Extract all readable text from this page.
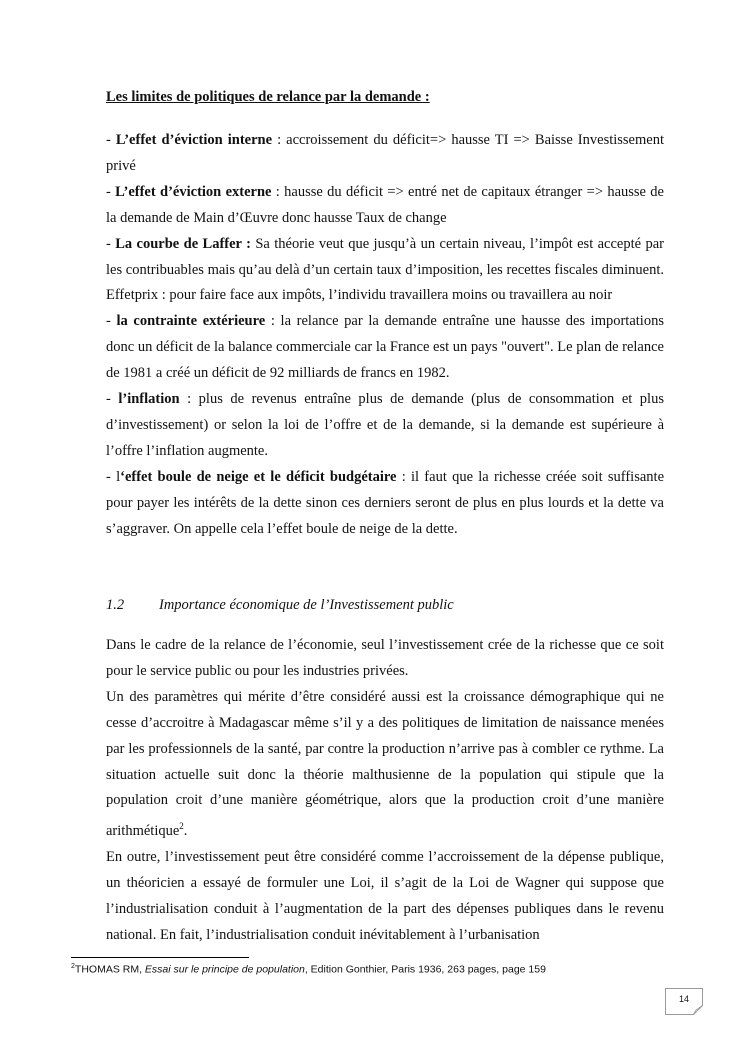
Les limites de politiques de relance par la demande :

- L’effet d’éviction interne : accroissement du déficit=> hausse TI => Baisse Investissement privé

- L’effet d’éviction externe : hausse du déficit => entré net de capitaux étranger => hausse de la demande de Main d’Œuvre donc hausse Taux de change

- La courbe de Laffer : Sa théorie veut que jusqu’à un certain niveau, l’impôt est accepté par les contribuables mais qu’au delà d’un certain taux d’imposition, les recettes fiscales diminuent. Effetprix : pour faire face aux impôts, l’individu travaillera moins ou travaillera au noir

- la contrainte extérieure : la relance par la demande entraîne une hausse des importations donc un déficit de la balance commerciale car la France est un pays "ouvert". Le plan de relance de 1981 a créé un déficit de 92 milliards de francs en 1982.

- l’inflation : plus de revenus entraîne plus de demande (plus de consommation et plus d’investissement) or selon la loi de l’offre et de la demande, si la demande est supérieure à l’offre l’inflation augmente.

- l‘effet boule de neige et le déficit budgétaire : il faut que la richesse créée soit suffisante pour payer les intérêts de la dette sinon ces derniers seront de plus en plus lourds et la dette va s’aggraver. On appelle cela l’effet boule de neige de la dette.

1.2 Importance économique de l’Investissement public

Dans le cadre de la relance de l’économie, seul l’investissement crée de la richesse que ce soit pour le service public ou pour les industries privées.

Un des paramètres qui mérite d’être considéré aussi est la croissance démographique qui ne cesse d’accroitre à Madagascar même s’il y a des politiques de limitation de naissance menées par les professionnels de la santé, par contre la production n’arrive pas à combler ce rythme. La situation actuelle suit donc la théorie malthusienne de la population qui stipule que la population croit d’une manière géométrique, alors que la production croit d’une manière arithmétique$^2$.

En outre, l’investissement peut être considéré comme l’accroissement de la dépense publique, un théoricien a essayé de formuler une Loi, il s’agit de la Loi de Wagner qui suppose que l’industrialisation conduit à l’augmentation de la part des dépenses publiques dans le revenu national. En fait, l’industrialisation conduit inévitablement à l’urbanisation

$^2$THOMAS RM, Essai sur le principe de population, Edition Gonthier, Paris 1936, 263 pages, page 159
14
